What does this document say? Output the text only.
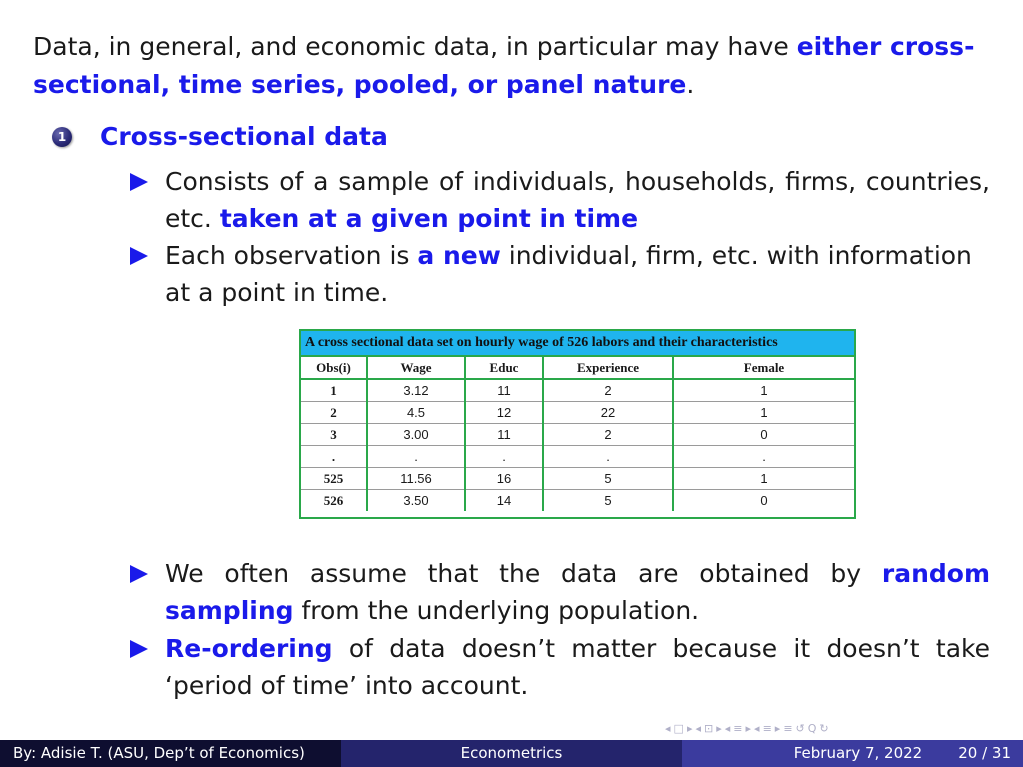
Data, in general, and economic data, in particular may have either cross-sectional, time series, pooled, or panel nature.

1 Cross-sectional data
Consists of a sample of individuals, households, firms, countries, etc. taken at a given point in time
Each observation is a new individual, firm, etc. with information at a point in time.
A cross sectional data set on hourly wage of 526 labors and their characteristics
Obs(i)	Wage	Educ	Experience	Female
1	3.12	11	2	1
2	4.5	12	22	1
3	3.00	11	2	0
.	.	.	.	.
525	11.56	16	5	1
526	3.50	14	5	0
We often assume that the data are obtained by random sampling from the underlying population.
Re-ordering of data doesn’t matter because it doesn’t take ‘period of time’ into account.
◂ □ ▸ ◂ ⊡ ▸ ◂ ≡ ▸ ◂ ≡ ▸ ≡ ↺ Q ↻
By: Adisie T. (ASU, Dep’t of Economics)	Econometrics	February 7, 2022 20 / 31
